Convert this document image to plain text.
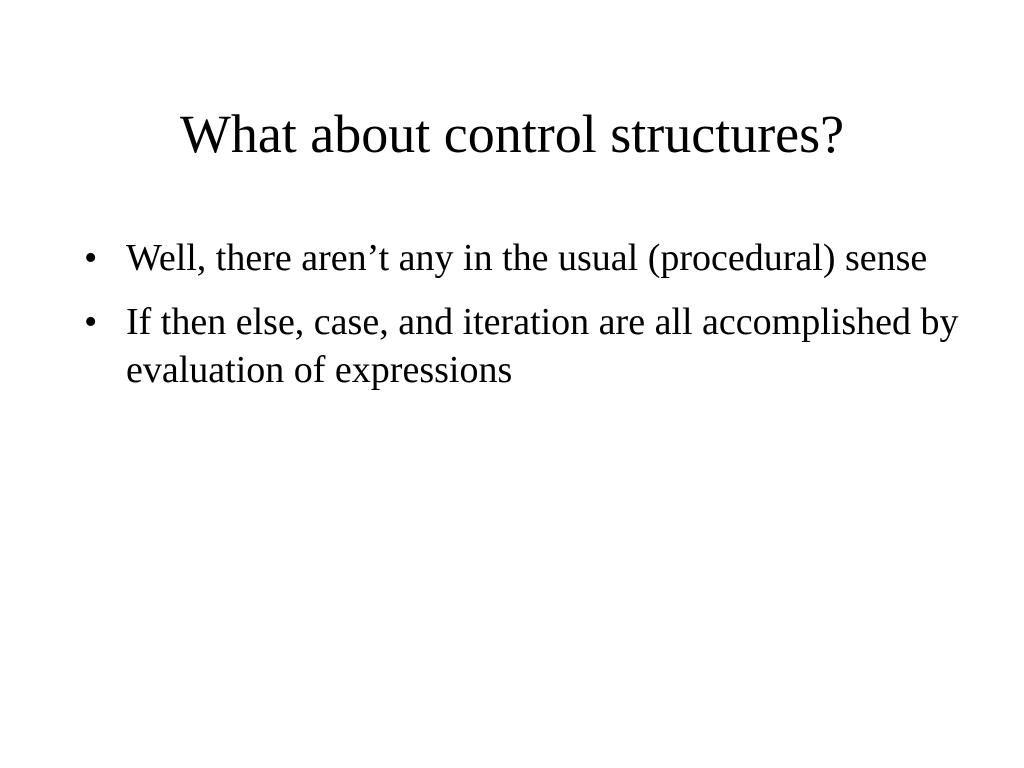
What about control structures?
• Well, there aren’t any in the usual (procedural) sense
• If then else, case, and iteration are all accomplished by evaluation of expressions
